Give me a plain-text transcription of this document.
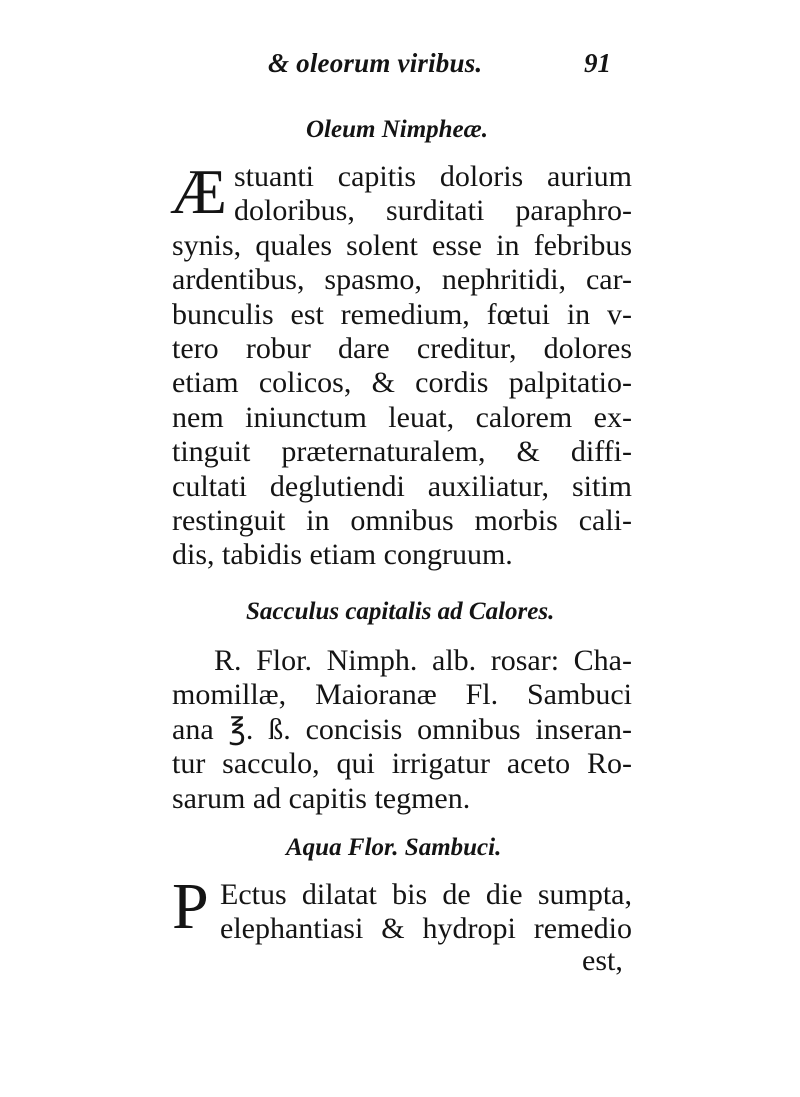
& oleorum viribus.	91
Oleum Nimpheæ.
Æ stuanti capitis doloris aurium
doloribus, surditati paraphro-
synis, quales solent esse in febribus
ardentibus, spasmo, nephritidi, car-
bunculis est remedium, fœtui in v-
tero robur dare creditur, dolores
etiam colicos, & cordis palpitatio-
nem iniunctum leuat, calorem ex-
tinguit præternaturalem, & diffi-
cultati deglutiendi auxiliatur, sitim
restinguit in omnibus morbis cali-
dis, tabidis etiam congruum.
Sacculus capitalis ad Calores.
R. Flor. Nimph. alb. rosar: Cha-
momillæ, Maioranæ Fl. Sambuci
ana ℥. ß. concisis omnibus inseran-
tur sacculo, qui irrigatur aceto Ro-
sarum ad capitis tegmen.
Aqua Flor. Sambuci.
P Ectus dilatat bis de die sumpta,
elephantiasi & hydropi remedio
est,
